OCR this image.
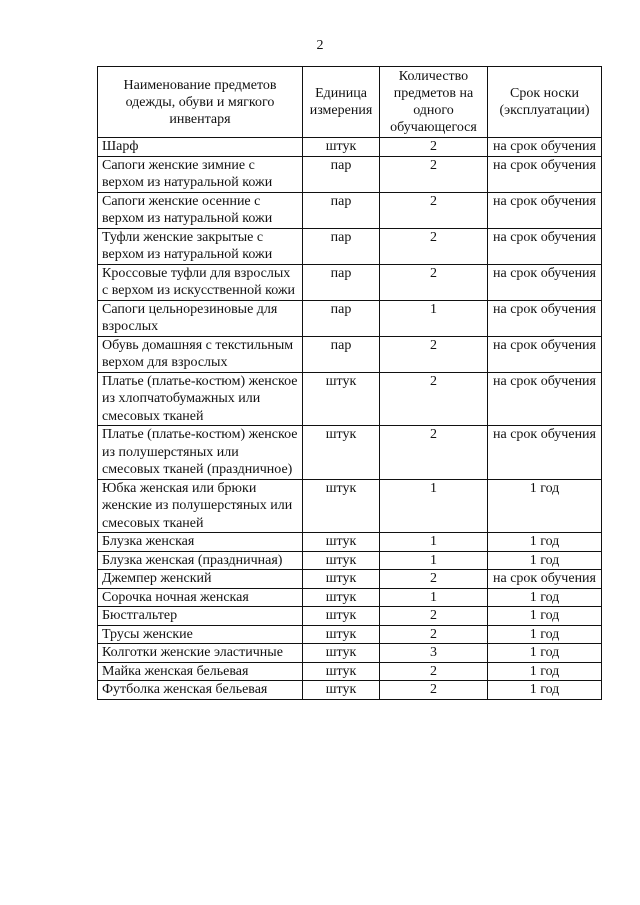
2
Наименование предметов одежды, обуви и мягкого инвентаря	Единица измерения	Количество предметов на одного обучающегося	Срок носки (эксплуатации)
Шарф	штук	2	на срок обучения
Сапоги женские зимние с верхом из натуральной кожи	пар	2	на срок обучения
Сапоги женские осенние с верхом из натуральной кожи	пар	2	на срок обучения
Туфли женские закрытые с верхом из натуральной кожи	пар	2	на срок обучения
Кроссовые туфли для взрослых с верхом из искусственной кожи	пар	2	на срок обучения
Сапоги цельнорезиновые для взрослых	пар	1	на срок обучения
Обувь домашняя с текстильным верхом для взрослых	пар	2	на срок обучения
Платье (платье-костюм) женское из хлопчатобумажных или смесовых тканей	штук	2	на срок обучения
Платье (платье-костюм) женское из полушерстяных или смесовых тканей (праздничное)	штук	2	на срок обучения
Юбка женская или брюки женские из полушерстяных или смесовых тканей	штук	1	1 год
Блузка женская	штук	1	1 год
Блузка женская (праздничная)	штук	1	1 год
Джемпер женский	штук	2	на срок обучения
Сорочка ночная женская	штук	1	1 год
Бюстгальтер	штук	2	1 год
Трусы женские	штук	2	1 год
Колготки женские эластичные	штук	3	1 год
Майка женская бельевая	штук	2	1 год
Футболка женская бельевая	штук	2	1 год
